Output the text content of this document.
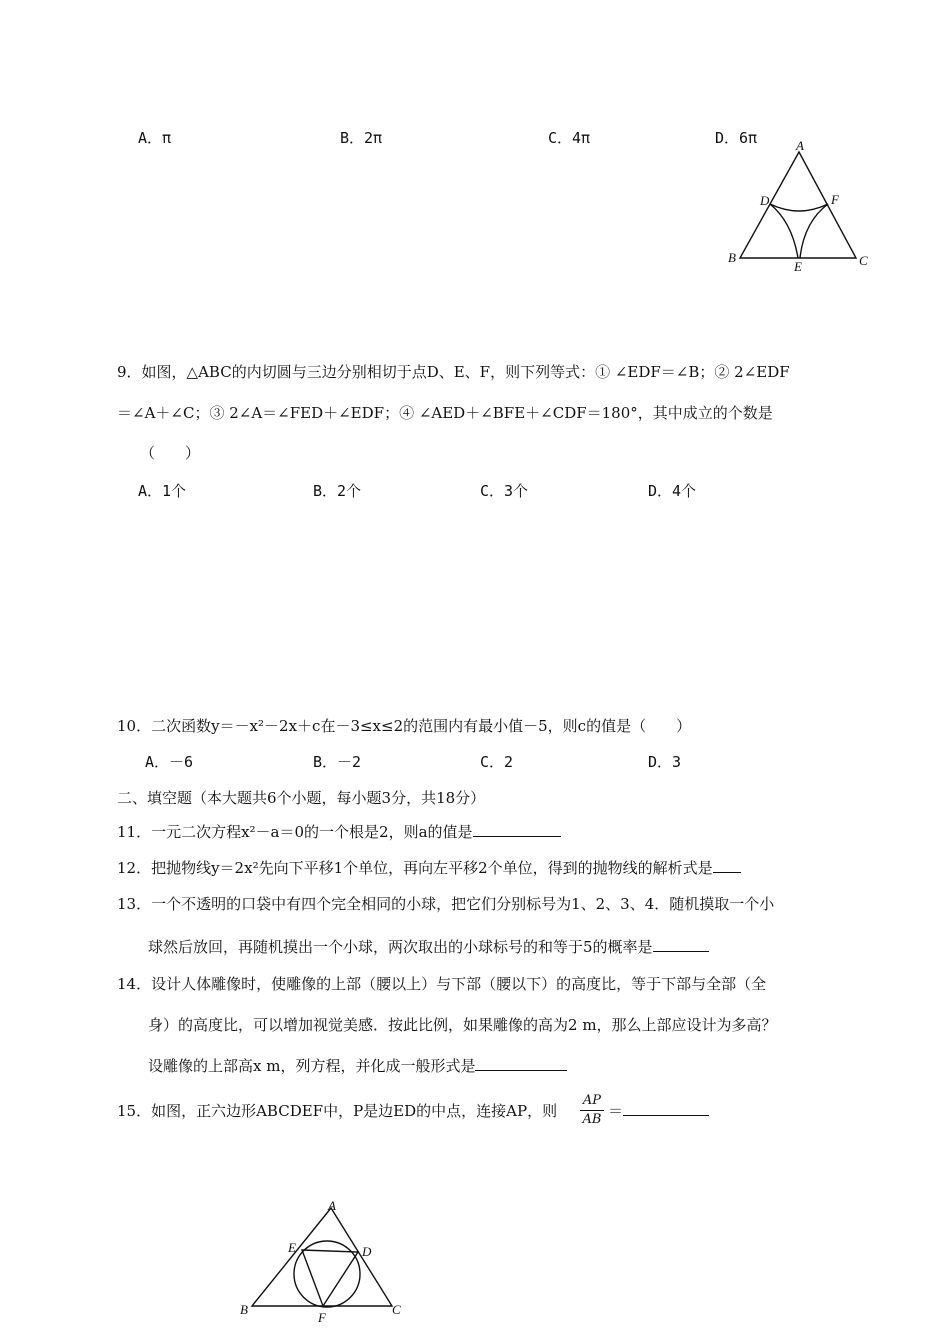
A．π	B．2π	C．4π	D．6π	A
B	C
D
E
F
9．如图，△ABC的内切圆与三边分别相切于点D、E、F，则下列等式：① ∠EDF＝∠B；② 2∠EDF
＝∠A＋∠C；③ 2∠A＝∠FED＋∠EDF；④ ∠AED＋∠BFE＋∠CDF＝180°，其中成立的个数是
（　　）
A．1个	B．2个	C．3个	D．4个
10．二次函数y＝－x²－2x＋c在－3≤x≤2的范围内有最小值－5，则c的值是（　　）
A．－6	B．－2	C．2	D．3
二、填空题（本大题共6个小题，每小题3分，共18分）
11．一元二次方程x²－a＝0的一个根是2，则a的值是
12．把抛物线y＝2x²先向下平移1个单位，再向左平移2个单位，得到的抛物线的解析式是
13．一个不透明的口袋中有四个完全相同的小球，把它们分别标号为1、2、3、4．随机摸取一个小
球然后放回，再随机摸出一个小球，两次取出的小球标号的和等于5的概率是
14．设计人体雕像时，使雕像的上部（腰以上）与下部（腰以下）的高度比，等于下部与全部（全
身）的高度比，可以增加视觉美感．按此比例，如果雕像的高为2 m，那么上部应设计为多高？
设雕像的上部高x m，列方程，并化成一般形式是
15．如图，正六边形ABCDEF中，P是边ED的中点，连接AP，则
AP
AB ＝
A
B	C
D
E
F
